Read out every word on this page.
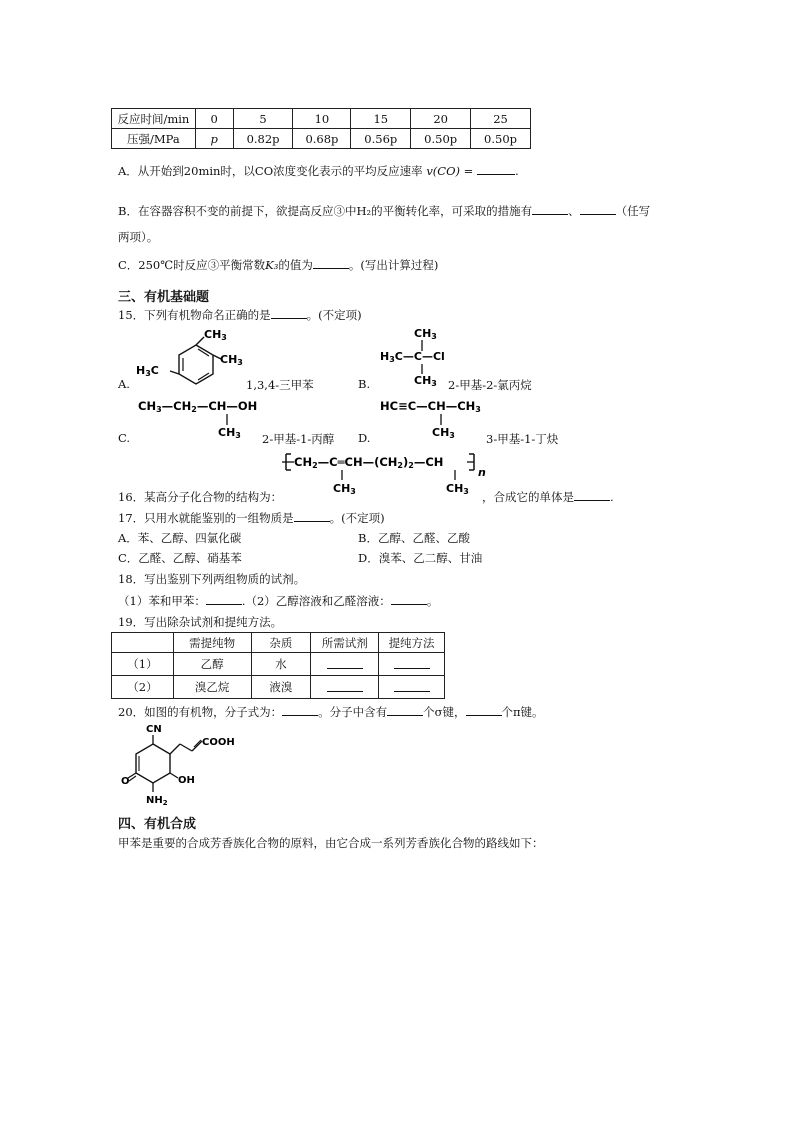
反应时间/min	0	5	10	15	20	25
压强/MPa	p	0.82p	0.68p	0.56p	0.50p	0.50p
A．从开始到20min时，以CO浓度变化表示的平均反应速率 v(CO) =	.
B．在容器容积不变的前提下，欲提高反应③中H₂的平衡转化率，可采取的措施有	、	（任写
两项）。
C．250℃时反应③平衡常数K₃的值为	。(写出计算过程)
三、有机基础题
15．下列有机物命名正确的是	。(不定项)
CH3
CH3
H3C
A.	1,3,4-三甲苯
CH3
H3C—C—Cl
CH3
B.	2-甲基-2-氯丙烷
CH3—CH2—CH—OH
CH3
C.	2-甲基-1-丙醇
HC≡C—CH—CH3
CH3
D.	3-甲基-1-丁炔
CH2—C═CH—(CH2)2—CH
n
CH3	CH3
16．某高分子化合物的结构为：	，合成它的单体是	.
17．只用水就能鉴别的一组物质是	。(不定项)
A．苯、乙醇、四氯化碳	B．乙醇、乙醛、乙酸
C．乙醛、乙醇、硝基苯	D．溴苯、乙二醇、甘油
18．写出鉴别下列两组物质的试剂。
（1）苯和甲苯：	.（2）乙醇溶液和乙醛溶液：	。
19．写出除杂试剂和提纯方法。
	需提纯物	杂质	所需试剂	提纯方法
（1）	乙醇	水		
（2）	溴乙烷	液溴		
20．如图的有机物，分子式为：	。分子中含有	个σ键，	个π键。
CN
COOH
O	OH
$NH_2$
四、有机合成
甲苯是重要的合成芳香族化合物的原料，由它合成一系列芳香族化合物的路线如下：
